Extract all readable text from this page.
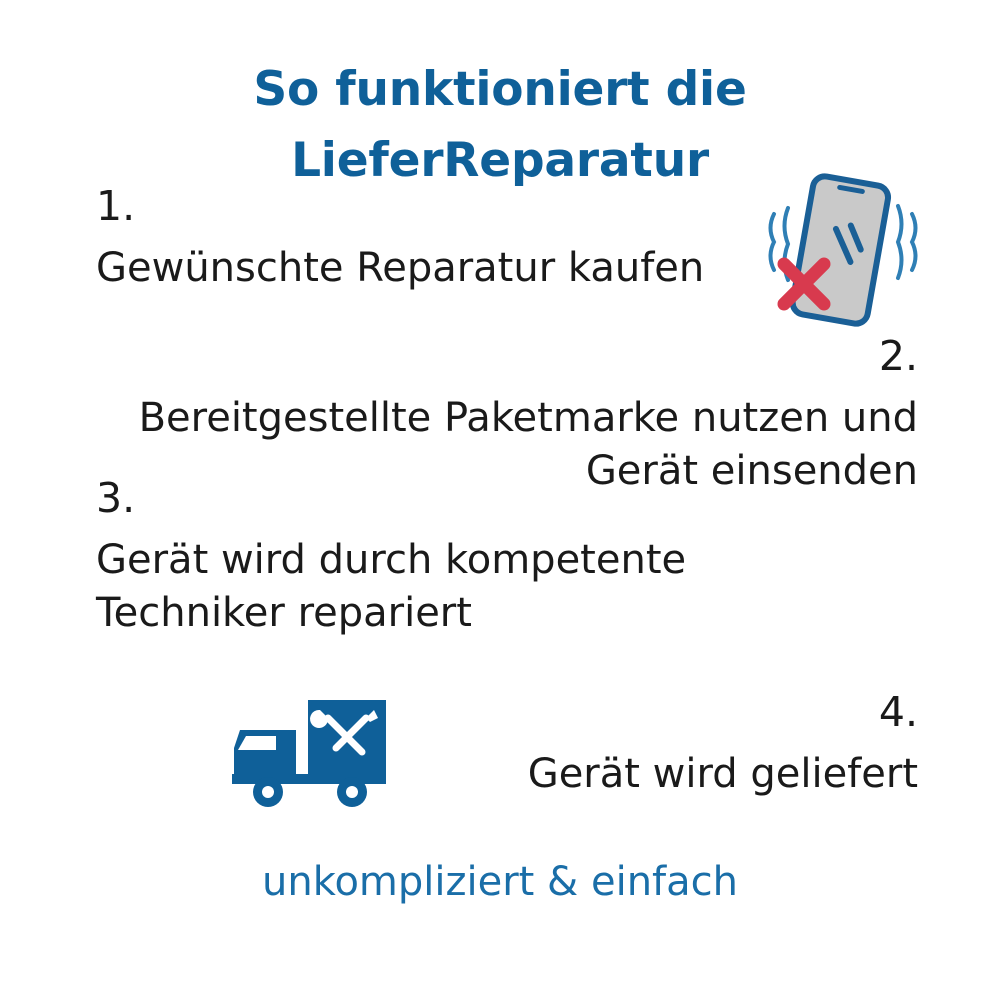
So funktioniert die
LieferReparatur
1.
Gewünschte Reparatur kaufen
2.
Bereitgestellte Paketmarke nutzen und Gerät einsenden
3.
Gerät wird durch kompetente Techniker repariert
4.
Gerät wird geliefert
unkompliziert & einfach
